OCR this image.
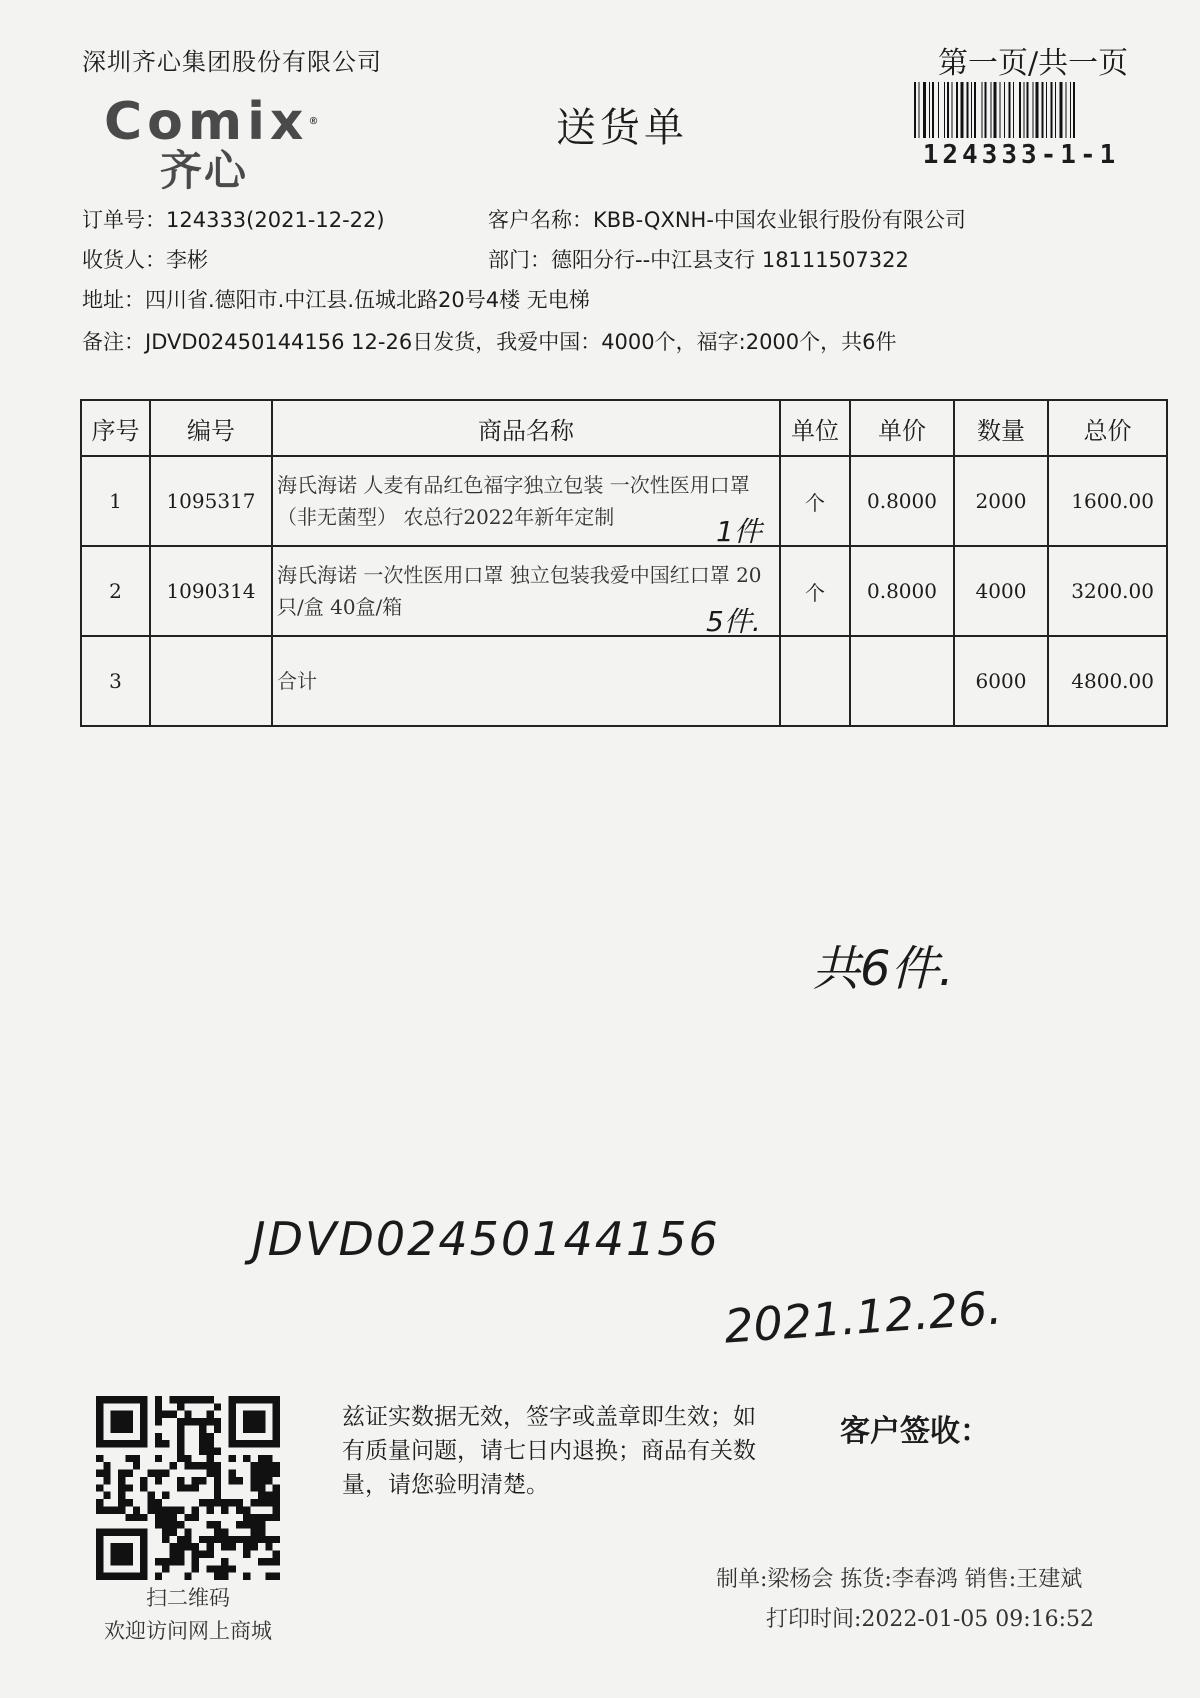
深圳齐心集团股份有限公司	第一页/共一页
Comix®
齐心
送货单
124333-1-1
订单号：124333(2021-12-22)	客户名称：KBB-QXNH-中国农业银行股份有限公司
收货人：李彬	部门：德阳分行--中江县支行 18111507322
地址：四川省.德阳市.中江县.伍城北路20号4楼 无电梯
备注：JDVD02450144156 12-26日发货，我爱中国：4000个，福字:2000个，共6件
序号	编号	商品名称	单位	单价	数量	总价
1	1095317	海氏海诺 人麦有品红色福字独立包装 一次性医用口罩（非无菌型） 农总行2022年新年定制	个	0.8000	2000	1600.00
2	1090314	海氏海诺 一次性医用口罩 独立包装我爱中国红口罩 20只/盒 40盒/箱	个	0.8000	4000	3200.00
3		合计			6000	4800.00
1件
5件.
共6件.
JDVD02450144156
2021.12.26.
扫二维码
欢迎访问网上商城
兹证实数据无效，签字或盖章即生效；如有质量问题，请七日内退换；商品有关数量，请您验明清楚。
客户签收：
制单:梁杨会 拣货:李春鸿 销售:王建斌
打印时间:2022-01-05 09:16:52
